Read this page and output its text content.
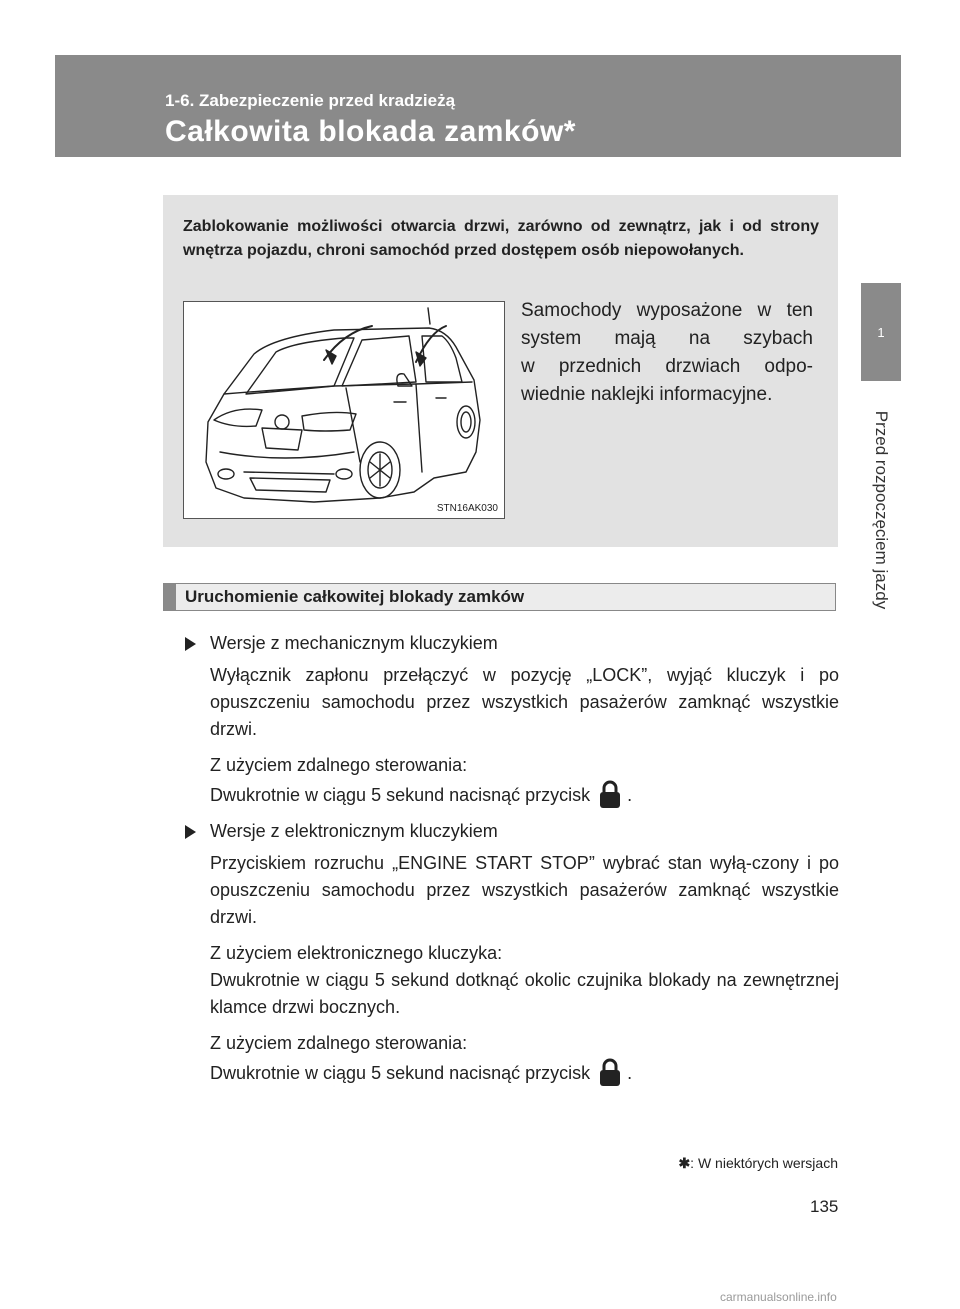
1-6. Zabezpieczenie przed kradzieżą
Całkowita blokada zamków*
1
Przed rozpoczęciem jazdy
Zablokowanie możliwości otwarcia drzwi, zarówno od zewnątrz, jak i od strony wnętrza pojazdu, chroni samochód przed dostępem osób niepowołanych.
STN16AK030
Samochody wyposażone w ten
system mają na szybach
w przednich drzwiach odpo-
wiednie naklejki informacyjne.
Uruchomienie całkowitej blokady zamków
Wersje z mechanicznym kluczykiem
Wyłącznik zapłonu przełączyć w pozycję „LOCK”, wyjąć kluczyk i po opuszczeniu samochodu przez wszystkich pasażerów zamknąć wszystkie drzwi.
Z użyciem zdalnego sterowania:
Dwukrotnie w ciągu 5 sekund nacisnąć przycisk .
Wersje z elektronicznym kluczykiem
Przyciskiem rozruchu „ENGINE START STOP” wybrać stan wyłą-czony i po opuszczeniu samochodu przez wszystkich pasażerów zamknąć wszystkie drzwi.
Z użyciem elektronicznego kluczyka:
Dwukrotnie w ciągu 5 sekund dotknąć okolic czujnika blokady na zewnętrznej klamce drzwi bocznych.
Z użyciem zdalnego sterowania:
Dwukrotnie w ciągu 5 sekund nacisnąć przycisk .
✱: W niektórych wersjach
135
carmanualsonline.info
